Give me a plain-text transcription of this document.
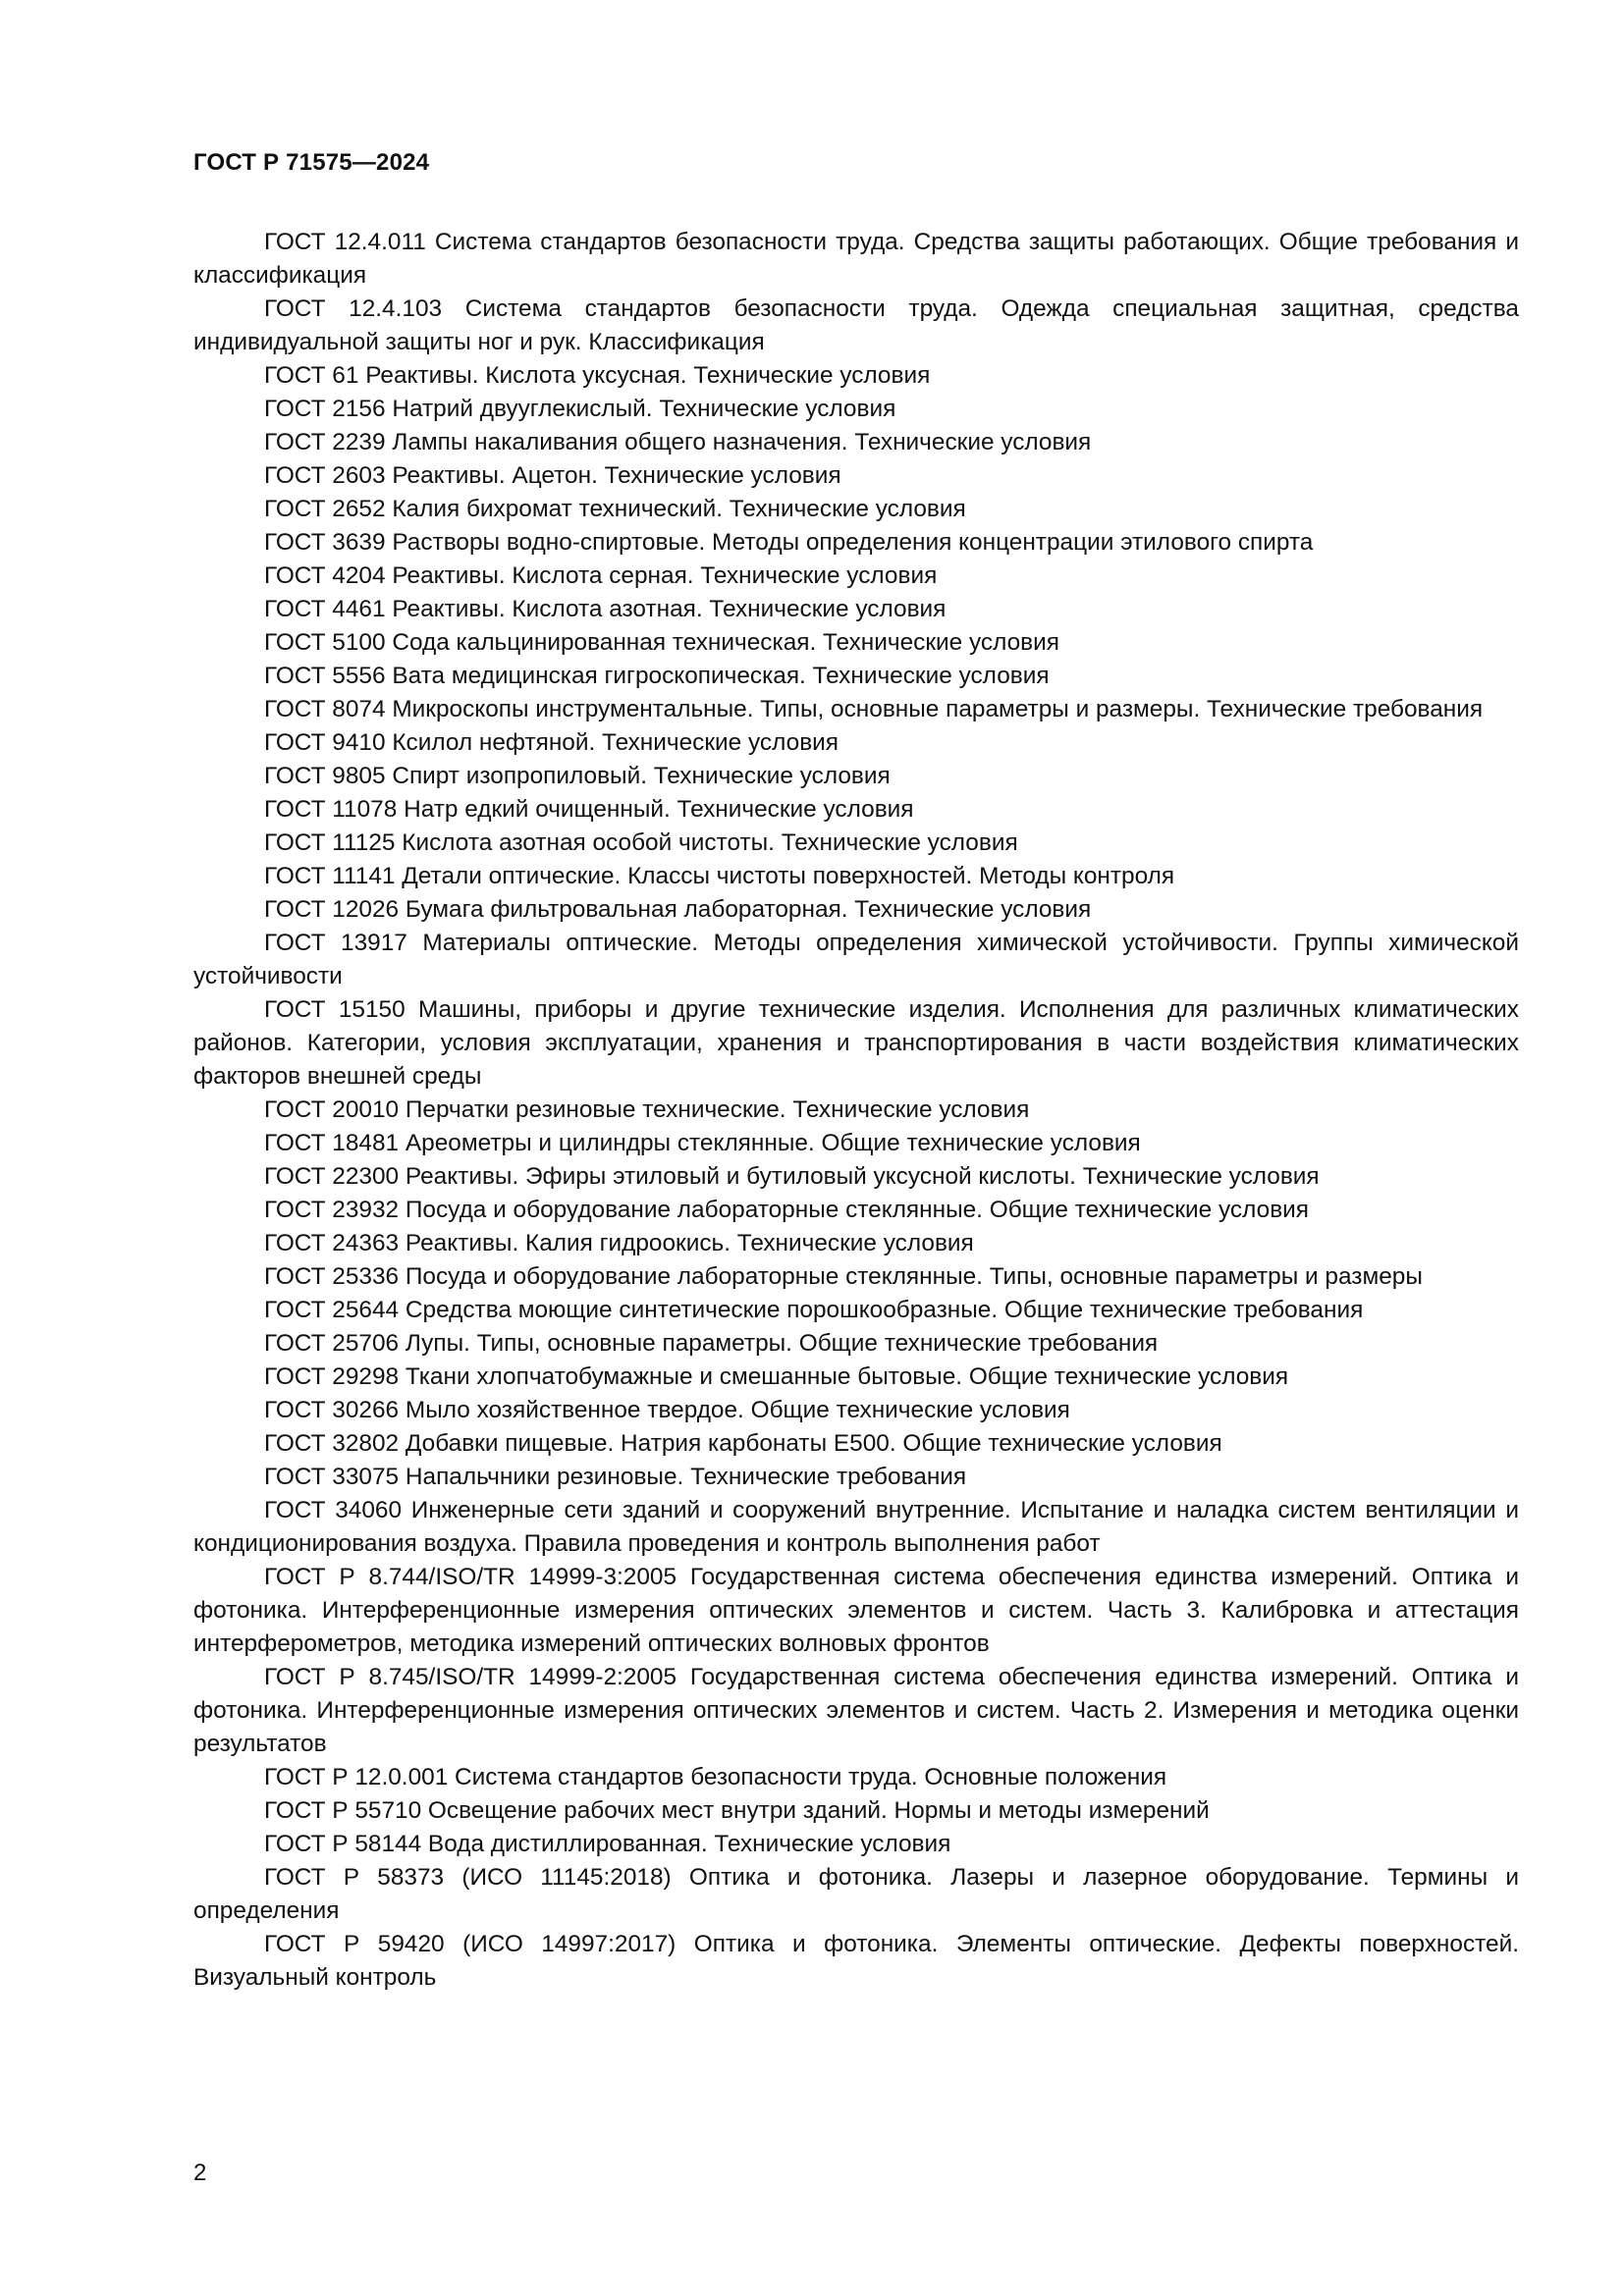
ГОСТ Р 71575—2024
ГОСТ 12.4.011 Система стандартов безопасности труда. Средства защиты работающих. Общие требования и классификация
ГОСТ 12.4.103 Система стандартов безопасности труда. Одежда специальная защитная, средства индивидуальной защиты ног и рук. Классификация
ГОСТ 61 Реактивы. Кислота уксусная. Технические условия
ГОСТ 2156 Натрий двууглекислый. Технические условия
ГОСТ 2239 Лампы накаливания общего назначения. Технические условия
ГОСТ 2603 Реактивы. Ацетон. Технические условия
ГОСТ 2652 Калия бихромат технический. Технические условия
ГОСТ 3639 Растворы водно-спиртовые. Методы определения концентрации этилового спирта
ГОСТ 4204 Реактивы. Кислота серная. Технические условия
ГОСТ 4461 Реактивы. Кислота азотная. Технические условия
ГОСТ 5100 Сода кальцинированная техническая. Технические условия
ГОСТ 5556 Вата медицинская гигроскопическая. Технические условия
ГОСТ 8074 Микроскопы инструментальные. Типы, основные параметры и размеры. Технические требования
ГОСТ 9410 Ксилол нефтяной. Технические условия
ГОСТ 9805 Спирт изопропиловый. Технические условия
ГОСТ 11078 Натр едкий очищенный. Технические условия
ГОСТ 11125 Кислота азотная особой чистоты. Технические условия
ГОСТ 11141 Детали оптические. Классы чистоты поверхностей. Методы контроля
ГОСТ 12026 Бумага фильтровальная лабораторная. Технические условия
ГОСТ 13917 Материалы оптические. Методы определения химической устойчивости. Группы химической устойчивости
ГОСТ 15150 Машины, приборы и другие технические изделия. Исполнения для различных климатических районов. Категории, условия эксплуатации, хранения и транспортирования в части воздействия климатических факторов внешней среды
ГОСТ 20010 Перчатки резиновые технические. Технические условия
ГОСТ 18481 Ареометры и цилиндры стеклянные. Общие технические условия
ГОСТ 22300 Реактивы. Эфиры этиловый и бутиловый уксусной кислоты. Технические условия
ГОСТ 23932 Посуда и оборудование лабораторные стеклянные. Общие технические условия
ГОСТ 24363 Реактивы. Калия гидроокись. Технические условия
ГОСТ 25336 Посуда и оборудование лабораторные стеклянные. Типы, основные параметры и размеры
ГОСТ 25644 Средства моющие синтетические порошкообразные. Общие технические требования
ГОСТ 25706 Лупы. Типы, основные параметры. Общие технические требования
ГОСТ 29298 Ткани хлопчатобумажные и смешанные бытовые. Общие технические условия
ГОСТ 30266 Мыло хозяйственное твердое. Общие технические условия
ГОСТ 32802 Добавки пищевые. Натрия карбонаты Е500. Общие технические условия
ГОСТ 33075 Напальчники резиновые. Технические требования
ГОСТ 34060 Инженерные сети зданий и сооружений внутренние. Испытание и наладка систем вентиляции и кондиционирования воздуха. Правила проведения и контроль выполнения работ
ГОСТ Р 8.744/ISO/TR 14999-3:2005 Государственная система обеспечения единства измерений. Оптика и фотоника. Интерференционные измерения оптических элементов и систем. Часть 3. Калибровка и аттестация интерферометров, методика измерений оптических волновых фронтов
ГОСТ Р 8.745/ISO/TR 14999-2:2005 Государственная система обеспечения единства измерений. Оптика и фотоника. Интерференционные измерения оптических элементов и систем. Часть 2. Измерения и методика оценки результатов
ГОСТ Р 12.0.001 Система стандартов безопасности труда. Основные положения
ГОСТ Р 55710 Освещение рабочих мест внутри зданий. Нормы и методы измерений
ГОСТ Р 58144 Вода дистиллированная. Технические условия
ГОСТ Р 58373 (ИСО 11145:2018) Оптика и фотоника. Лазеры и лазерное оборудование. Термины и определения
ГОСТ Р 59420 (ИСО 14997:2017) Оптика и фотоника. Элементы оптические. Дефекты поверхностей. Визуальный контроль
2
